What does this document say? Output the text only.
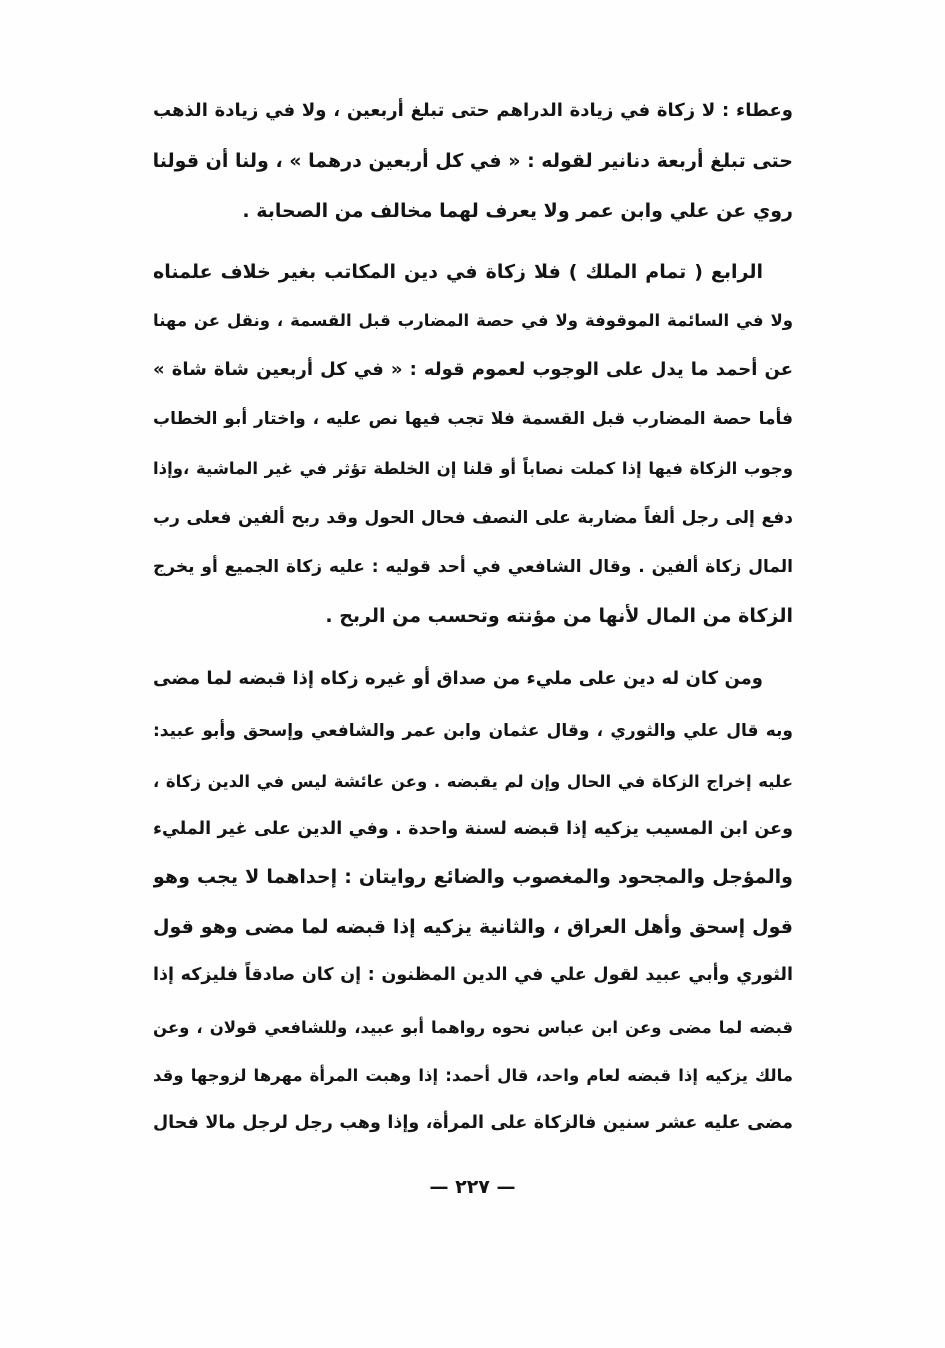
وعطاء : لا زكاة في زيادة الدراهم حتى تبلغ أربعين ، ولا في زيادة الذهب
حتى تبلغ أربعة دنانير لقوله : « في كل أربعين درهما » ، ولنا أن قولنا
روي عن علي وابن عمر ولا يعرف لهما مخالف من الصحابة .
الرابع ( تمام الملك ) فلا زكاة في دين المكاتب بغير خلاف علمناه
ولا في السائمة الموقوفة ولا في حصة المضارب قبل القسمة ، ونقل عن مهنا
عن أحمد ما يدل على الوجوب لعموم قوله : « في كل أربعين شاة شاة »
فأما حصة المضارب قبل القسمة فلا تجب فيها نص عليه ، واختار أبو الخطاب
وجوب الزكاة فيها إذا كملت نصاباً أو قلنا إن الخلطة تؤثر في غير الماشية ،وإذا
دفع إلى رجل ألفاً مضاربة على النصف فحال الحول وقد ربح ألفين فعلى رب
المال زكاة ألفين . وقال الشافعي في أحد قوليه : عليه زكاة الجميع أو يخرج
الزكاة من المال لأنها من مؤنته وتحسب من الربح .
ومن كان له دين على مليء من صداق أو غيره زكاه إذا قبضه لما مضى
وبه قال علي والثوري ، وقال عثمان وابن عمر والشافعي وإسحق وأبو عبيد:
عليه إخراج الزكاة في الحال وإن لم يقبضه . وعن عائشة ليس في الدين زكاة ،
وعن ابن المسيب يزكيه إذا قبضه لسنة واحدة . وفي الدين على غير المليء
والمؤجل والمجحود والمغصوب والضائع روايتان : إحداهما لا يجب وهو
قول إسحق وأهل العراق ، والثانية يزكيه إذا قبضه لما مضى وهو قول
الثوري وأبي عبيد لقول علي في الدين المظنون : إن كان صادقاً فليزكه إذا
قبضه لما مضى وعن ابن عباس نحوه رواهما أبو عبيد، وللشافعي قولان ، وعن
مالك يزكيه إذا قبضه لعام واحد، قال أحمد: إذا وهبت المرأة مهرها لزوجها وقد
مضى عليه عشر سنين فالزكاة على المرأة، وإذا وهب رجل لرجل مالا فحال
— ٢٢٧ —
